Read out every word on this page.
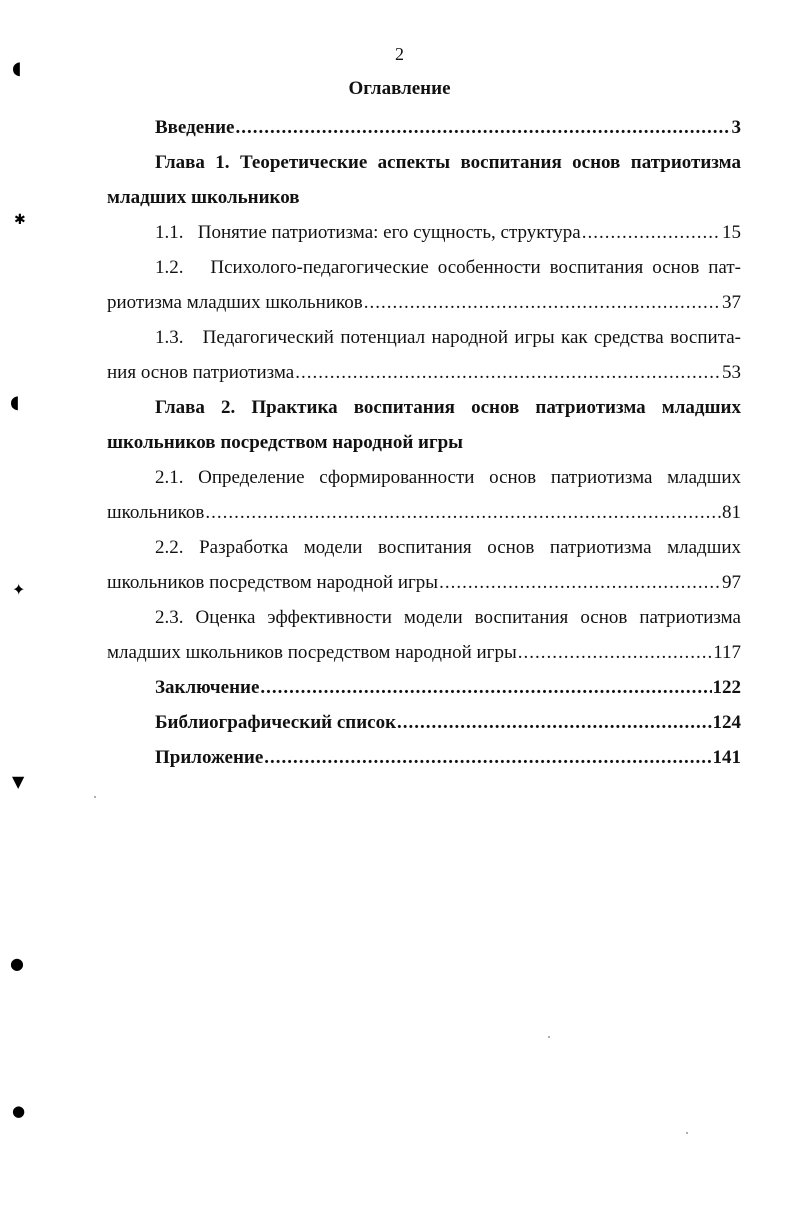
2
Оглавление
Введение .....	3
Глава 1. Теоретические аспекты воспитания основ патриотизма
младших школьников
1.1.   Понятие патриотизма: его сущность, структура .....	15
1.2.   Психолого-педагогические особенности воспитания основ пат-
риотизма младших школьников .....	37
1.3.   Педагогический потенциал народной игры как средства воспита-
ния основ патриотизма .....	53
Глава 2. Практика воспитания основ патриотизма младших
школьников посредством народной игры
2.1. Определение сформированности основ патриотизма младших
школьников .....	81
2.2. Разработка модели воспитания основ патриотизма младших
школьников посредством народной игры .....	97
2.3. Оценка эффективности модели воспитания основ патриотизма
младших школьников посредством народной игры .....	117
Заключение .....	122
Библиографический список .....	124
Приложение .....	141
◖
✱
◖
✦
▼
●
●
